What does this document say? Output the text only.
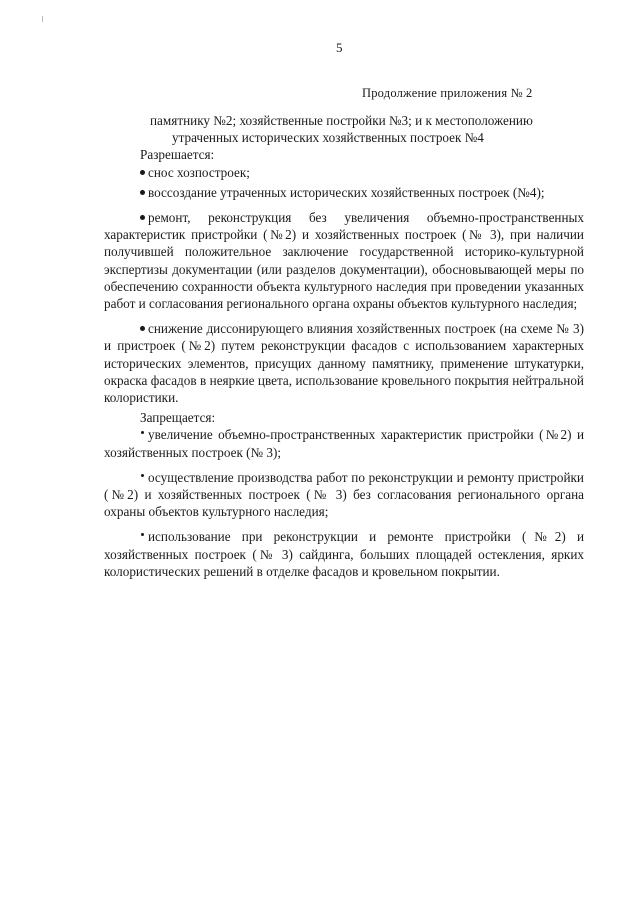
5
Продолжение приложения № 2

памятнику №2; хозяйственные постройки №3; и к местоположению

утраченных исторических хозяйственных построек №4

Разрешается:

снос хозпостроек;

воссоздание утраченных исторических хозяйственных построек (№4);

ремонт, реконструкция без увеличения объемно-пространственных характеристик пристройки (№2) и хозяйственных построек (№ 3), при наличии получившей положительное заключение государственной историко-культурной экспертизы документации (или разделов документации), обосновывающей меры по обеспечению сохранности объекта культурного наследия при проведении указанных работ и согласования регионального органа охраны объектов культурного наследия;

снижение диссонирующего влияния хозяйственных построек (на схеме № 3) и пристроек (№2) путем реконструкции фасадов с использованием характерных исторических элементов, присущих данному памятнику, применение штукатурки, окраска фасадов в неяркие цвета, использование кровельного покрытия нейтральной колористики.

Запрещается:

увеличение объемно-пространственных характеристик пристройки (№2) и хозяйственных построек (№ 3);

осуществление производства работ по реконструкции и ремонту пристройки (№2) и хозяйственных построек (№ 3) без согласования регионального органа охраны объектов культурного наследия;

использование при реконструкции и ремонте пристройки (№2) и хозяйственных построек (№ 3) сайдинга, больших площадей остекления, ярких колористических решений в отделке фасадов и кровельном покрытии.
